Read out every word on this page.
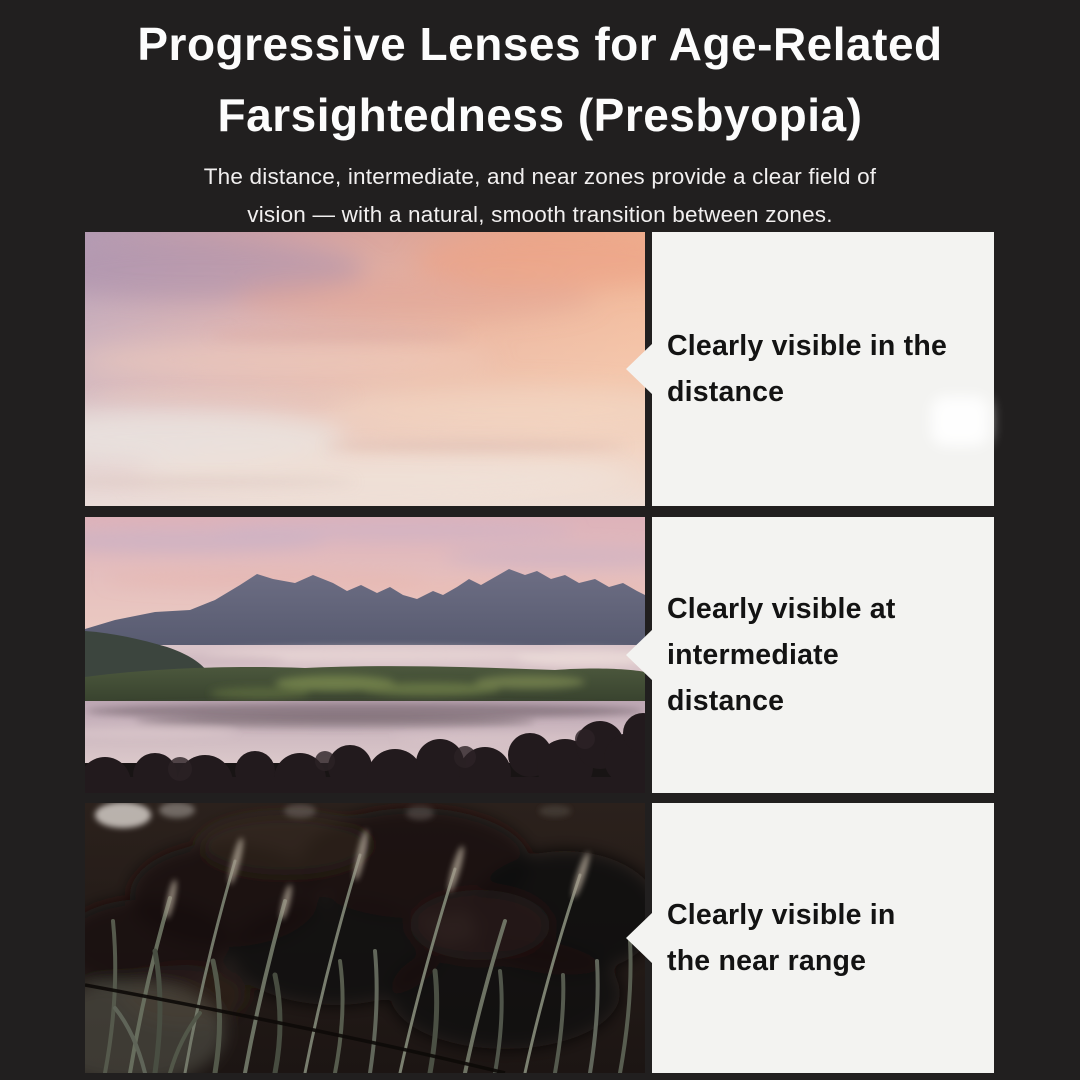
Progressive Lenses for Age-Related
Farsightedness (Presbyopia)

The distance, intermediate, and near zones provide a clear field of
vision — with a natural, smooth transition between zones.

Clearly visible in the
distance
Clearly visible at
intermediate
distance
Clearly visible in
the near range
